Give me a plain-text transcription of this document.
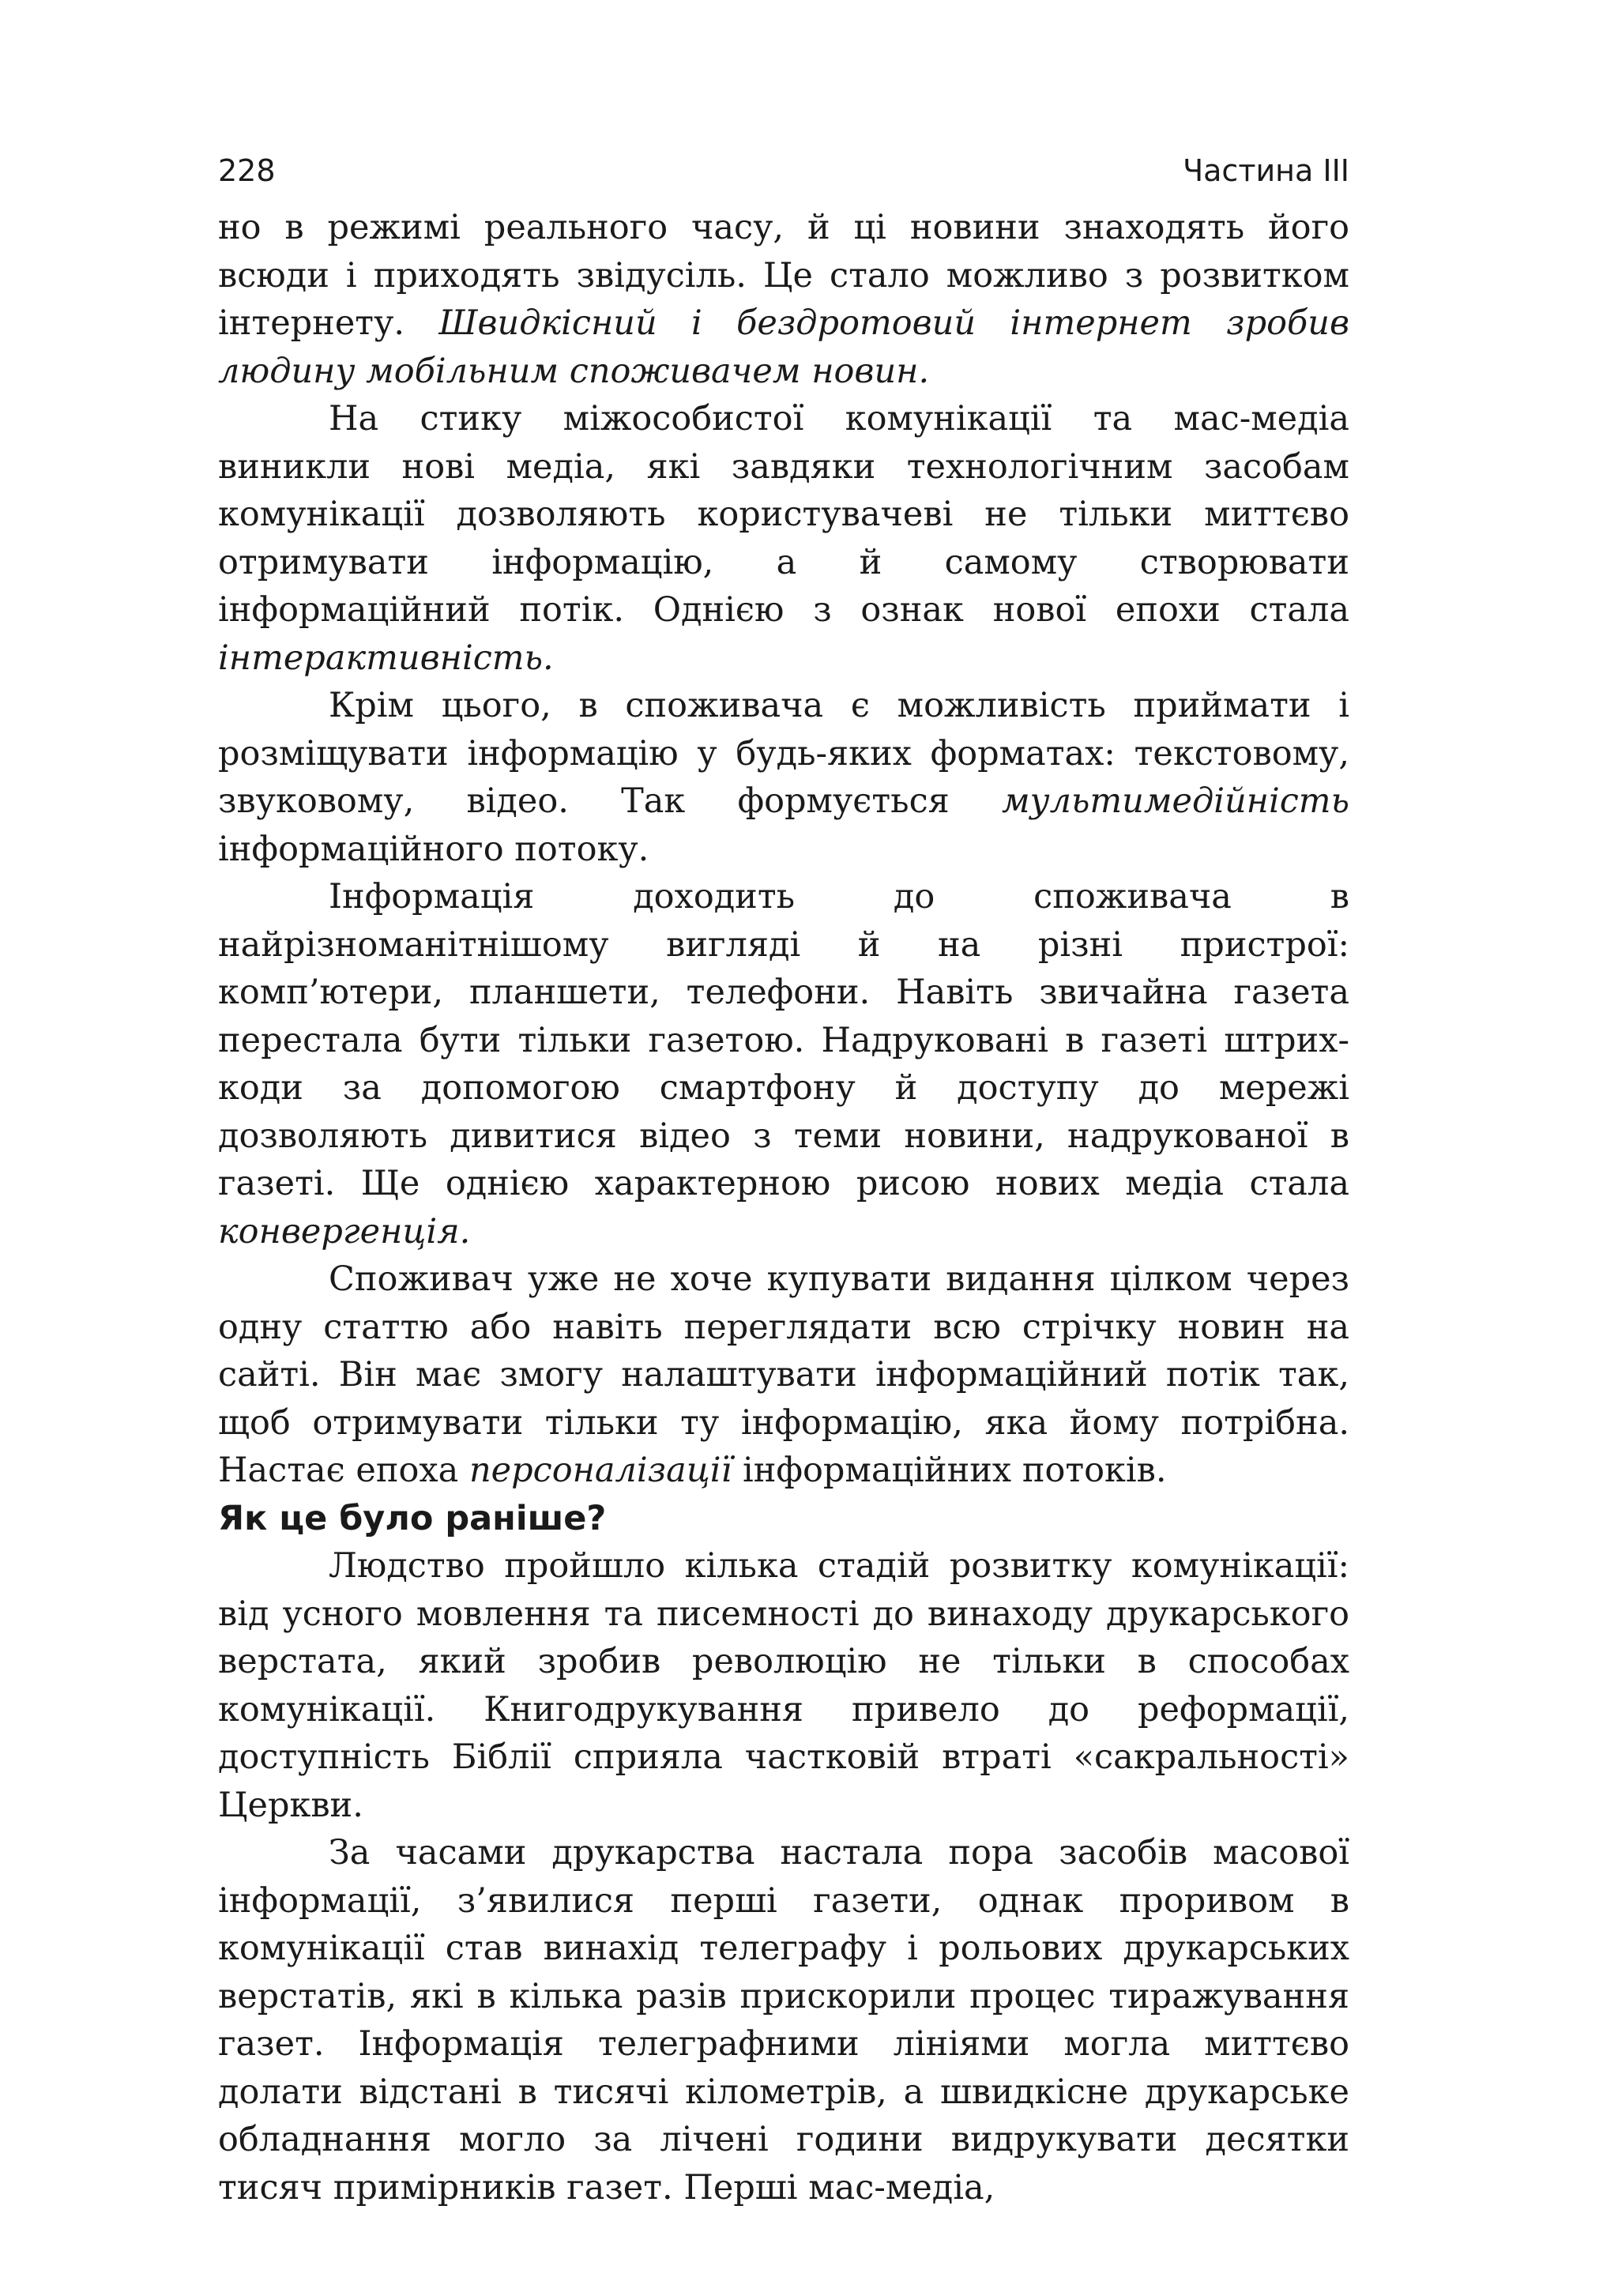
228	Частина ІІІ

но в режимі реального часу, й ці новини знаходять його всюди і приходять звідусіль. Це стало можливо з розвитком інтернету. Швидкісний і бездротовий інтернет зробив людину мобільним споживачем новин.

На стику міжособистої комунікації та мас-медіа виникли нові медіа, які завдяки технологічним засобам комунікації дозволяють користувачеві не тільки миттєво отримувати інформацію, а й самому створювати інформаційний потік. Однією з ознак нової епохи стала інтерактивність.

Крім цього, в споживача є можливість приймати і розміщувати інформацію у будь-яких форматах: текстовому, звуковому, відео. Так формується мультимедійність інформаційного потоку.

Інформація доходить до споживача в найрізноманітнішому вигляді й на різні пристрої: комп’ютери, планшети, телефони. Навіть звичайна газета перестала бути тільки газетою. Надруковані в газеті штрих-коди за допомогою смартфону й доступу до мережі дозволяють дивитися відео з теми новини, надрукованої в газеті. Ще однією характерною рисою нових медіа стала конвергенція.

Споживач уже не хоче купувати видання цілком через одну статтю або навіть переглядати всю стрічку новин на сайті. Він має змогу налаштувати інформаційний потік так, щоб отримувати тільки ту інформацію, яка йому потрібна. Настає епоха персоналізації інформаційних потоків.

Як це було раніше?

Людство пройшло кілька стадій розвитку комунікації: від усного мовлення та писемності до винаходу друкарського верстата, який зробив революцію не тільки в способах комунікації. Книгодрукування привело до реформації, доступність Біблії сприяла частковій втраті «сакральності» Церкви.

За часами друкарства настала пора засобів масової інформації, з’явилися перші газети, однак проривом в комунікації став винахід телеграфу і рольових друкарських верстатів, які в кілька разів прискорили процес тиражування газет. Інформація телеграфними лініями могла миттєво долати відстані в тисячі кілометрів, а швидкісне друкарське обладнання могло за лічені години видрукувати десятки тисяч примірників газет. Перші мас-медіа,
